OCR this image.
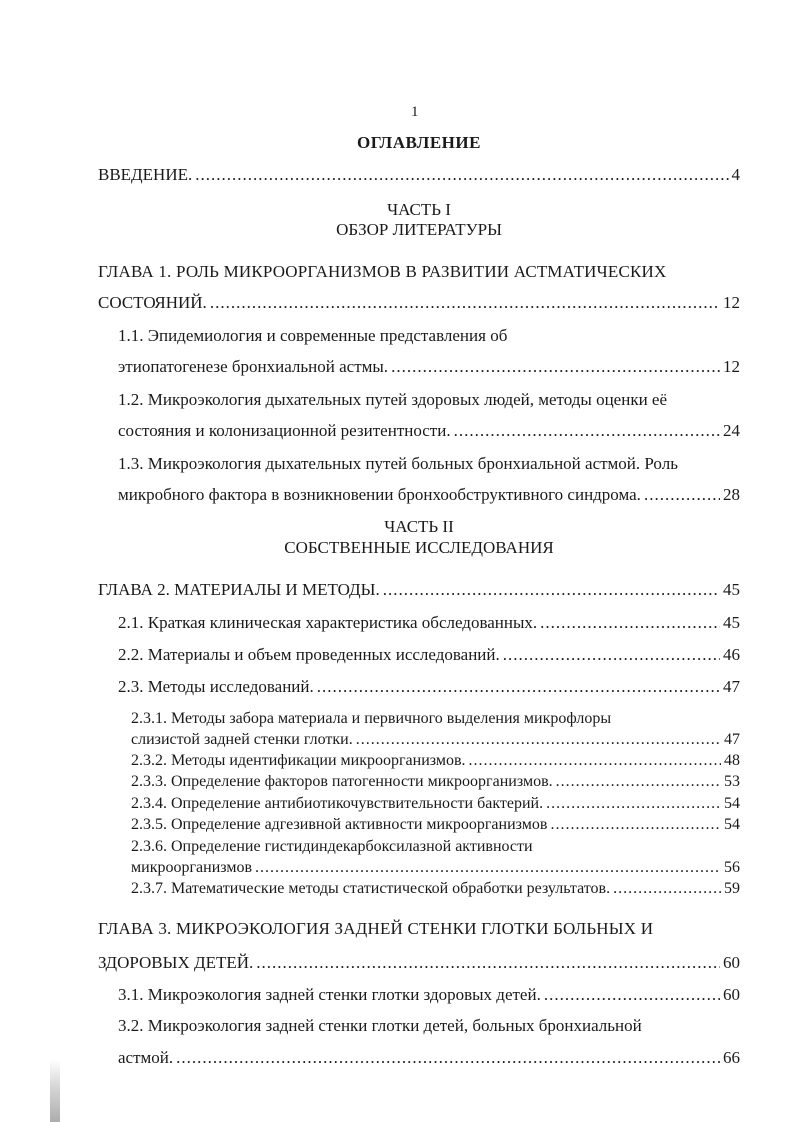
1
ОГЛАВЛЕНИЕ
ВВЕДЕНИЕ. .....	4
ЧАСТЬ I
ОБЗОР ЛИТЕРАТУРЫ
ГЛАВА 1. РОЛЬ МИКРООРГАНИЗМОВ В РАЗВИТИИ АСТМАТИЧЕСКИХ
СОСТОЯНИЙ. .....	12
1.1. Эпидемиология и современные представления об
этиопатогенезе бронхиальной астмы. .....	12
1.2. Микроэкология дыхательных путей здоровых людей, методы оценки её
состояния и колонизационной резитентности. .....	24
1.3. Микроэкология дыхательных путей больных бронхиальной астмой. Роль
микробного фактора в возникновении бронхообструктивного синдрома. .....	28
ЧАСТЬ II
СОБСТВЕННЫЕ ИССЛЕДОВАНИЯ
ГЛАВА 2. МАТЕРИАЛЫ И МЕТОДЫ. .....	45
2.1. Краткая клиническая характеристика обследованных. .....	45
2.2. Материалы и объем проведенных исследований. .....	46
2.3. Методы исследований. .....	47
2.3.1. Методы забора материала и первичного выделения микрофлоры
слизистой задней стенки глотки. .....	47
2.3.2. Методы идентификации микроорганизмов. .....	48
2.3.3. Определение факторов патогенности микроорганизмов. .....	53
2.3.4. Определение антибиотикочувствительности бактерий. .....	54
2.3.5. Определение адгезивной активности микроорганизмов .....	54
2.3.6. Определение гистидиндекарбоксилазной активности
микроорганизмов .....	56
2.3.7. Математические методы статистической обработки результатов. .....	59
ГЛАВА 3. МИКРОЭКОЛОГИЯ ЗАДНЕЙ СТЕНКИ ГЛОТКИ БОЛЬНЫХ И
ЗДОРОВЫХ ДЕТЕЙ. .....	60
3.1. Микроэкология задней стенки глотки здоровых детей. .....	60
3.2. Микроэкология задней стенки глотки детей, больных бронхиальной
астмой. .....	66
